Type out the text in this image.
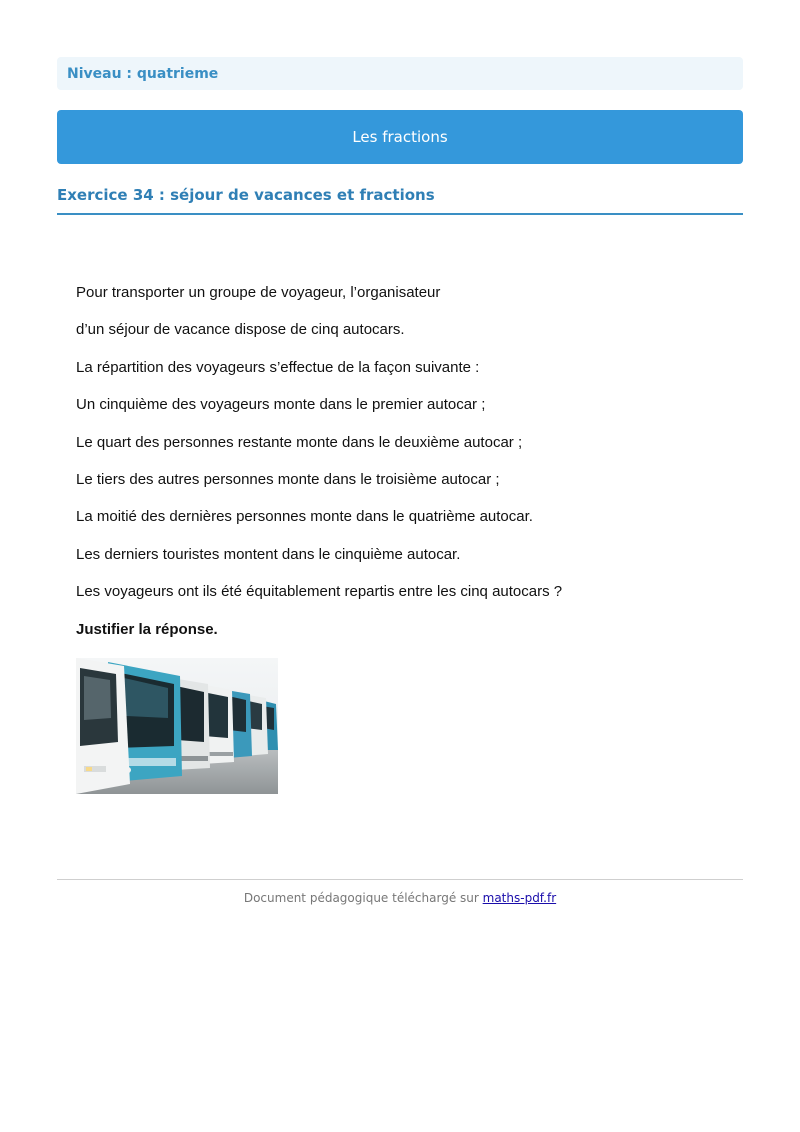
Niveau : quatrieme
Les fractions
Exercice 34 : séjour de vacances et fractions

Pour transporter un groupe de voyageur, l’organisateur

d’un séjour de vacance dispose de cinq autocars.

La répartition des voyageurs s’effectue de la façon suivante :

Un cinquième des voyageurs monte dans le premier autocar ;

Le quart des personnes restante monte dans le deuxième autocar ;

Le tiers des autres personnes monte dans le troisième autocar ;

La moitié des dernières personnes monte dans le quatrième autocar.

Les derniers touristes montent dans le cinquième autocar.

Les voyageurs ont ils été équitablement repartis entre les cinq autocars ?

Justifier la réponse.

Document pédagogique téléchargé sur maths-pdf.fr
